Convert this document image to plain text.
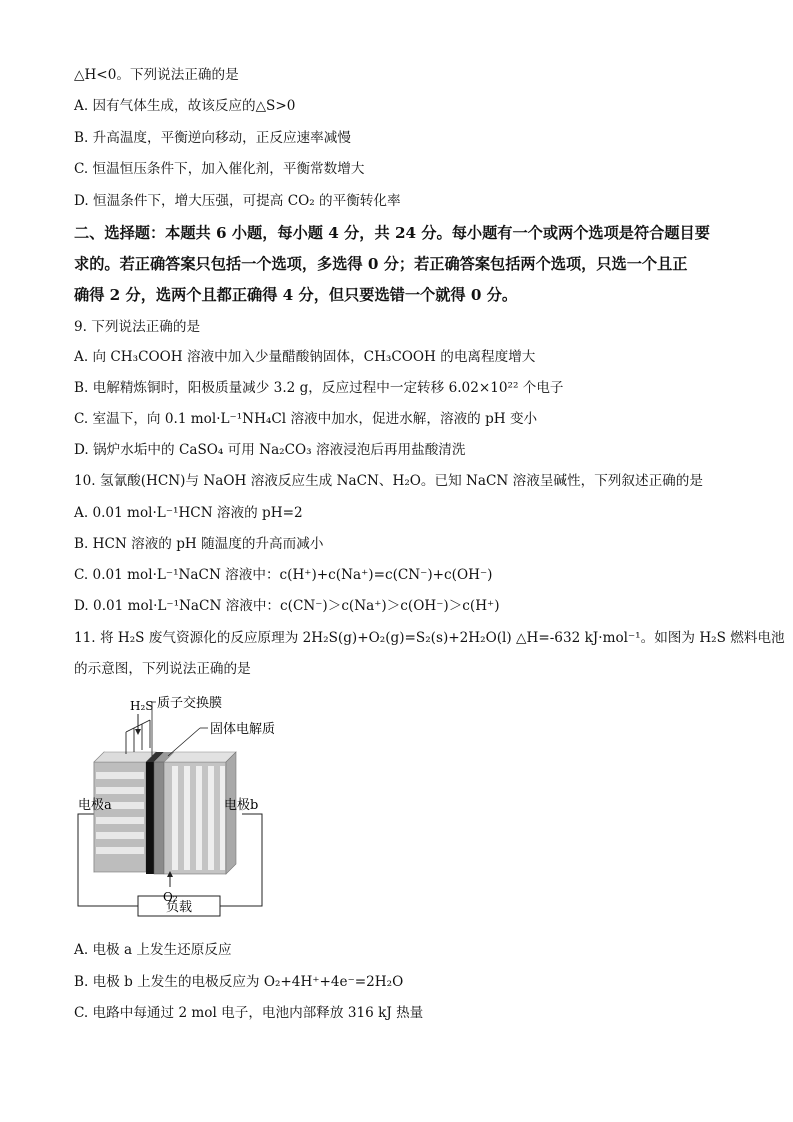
△H<0。下列说法正确的是
A. 因有气体生成，故该反应的△S>0
B. 升高温度，平衡逆向移动，正反应速率减慢
C. 恒温恒压条件下，加入催化剂，平衡常数增大
D. 恒温条件下，增大压强，可提高 CO₂ 的平衡转化率
二、选择题：本题共 6 小题，每小题 4 分，共 24 分。每小题有一个或两个选项是符合题目要
求的。若正确答案只包括一个选项，多选得 0 分；若正确答案包括两个选项，只选一个且正
确得 2 分，选两个且都正确得 4 分，但只要选错一个就得 0 分。
9. 下列说法正确的是
A. 向 CH₃COOH 溶液中加入少量醋酸钠固体，CH₃COOH 的电离程度增大
B. 电解精炼铜时，阳极质量减少 3.2 g，反应过程中一定转移 6.02×10²² 个电子
C. 室温下，向 0.1 mol·L⁻¹NH₄Cl 溶液中加水，促进水解，溶液的 pH 变小
D. 锅炉水垢中的 CaSO₄ 可用 Na₂CO₃ 溶液浸泡后再用盐酸清洗
10. 氢氰酸(HCN)与 NaOH 溶液反应生成 NaCN、H₂O。已知 NaCN 溶液呈碱性，下列叙述正确的是
A. 0.01 mol·L⁻¹HCN 溶液的 pH=2
B. HCN 溶液的 pH 随温度的升高而减小
C. 0.01 mol·L⁻¹NaCN 溶液中：c(H⁺)+c(Na⁺)=c(CN⁻)+c(OH⁻)
D. 0.01 mol·L⁻¹NaCN 溶液中：c(CN⁻)＞c(Na⁺)＞c(OH⁻)＞c(H⁺)
11. 将 H₂S 废气资源化的反应原理为 2H₂S(g)+O₂(g)=S₂(s)+2H₂O(l) △H=-632 kJ·mol⁻¹。如图为 H₂S 燃料电池
的示意图，下列说法正确的是
负载
H₂S
O₂
质子交换膜
固体电解质
电极a	电极b
A. 电极 a 上发生还原反应
B. 电极 b 上发生的电极反应为 O₂+4H⁺+4e⁻=2H₂O
C. 电路中每通过 2 mol 电子，电池内部释放 316 kJ 热量
